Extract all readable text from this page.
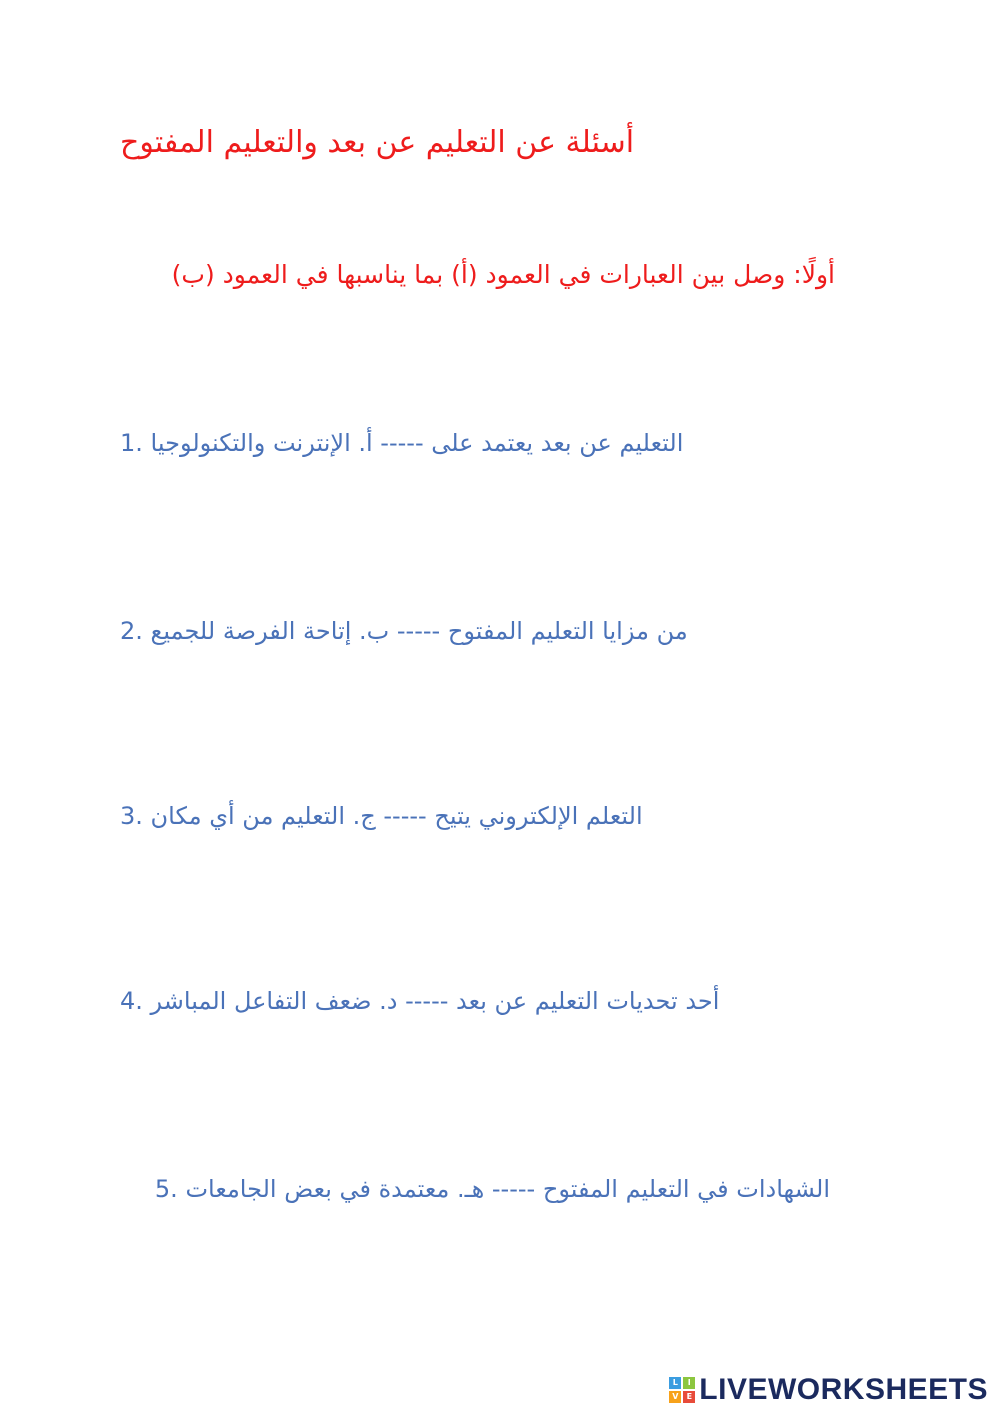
أسئلة عن التعليم عن بعد والتعليم المفتوح
أولًا: وصل بين العبارات في العمود (أ) بما يناسبها في العمود (ب)
التعليم عن بعد يعتمد على ----- أ. الإنترنت والتكنولوجيا 1.
من مزايا التعليم المفتوح ----- ب. إتاحة الفرصة للجميع 2.
التعلم الإلكتروني يتيح ----- ج. التعليم من أي مكان 3.
أحد تحديات التعليم عن بعد ----- د. ضعف التفاعل المباشر 4.
الشهادات في التعليم المفتوح ----- هـ. معتمدة في بعض الجامعات 5.
L	I
V	E LIVEWORKSHEETS
